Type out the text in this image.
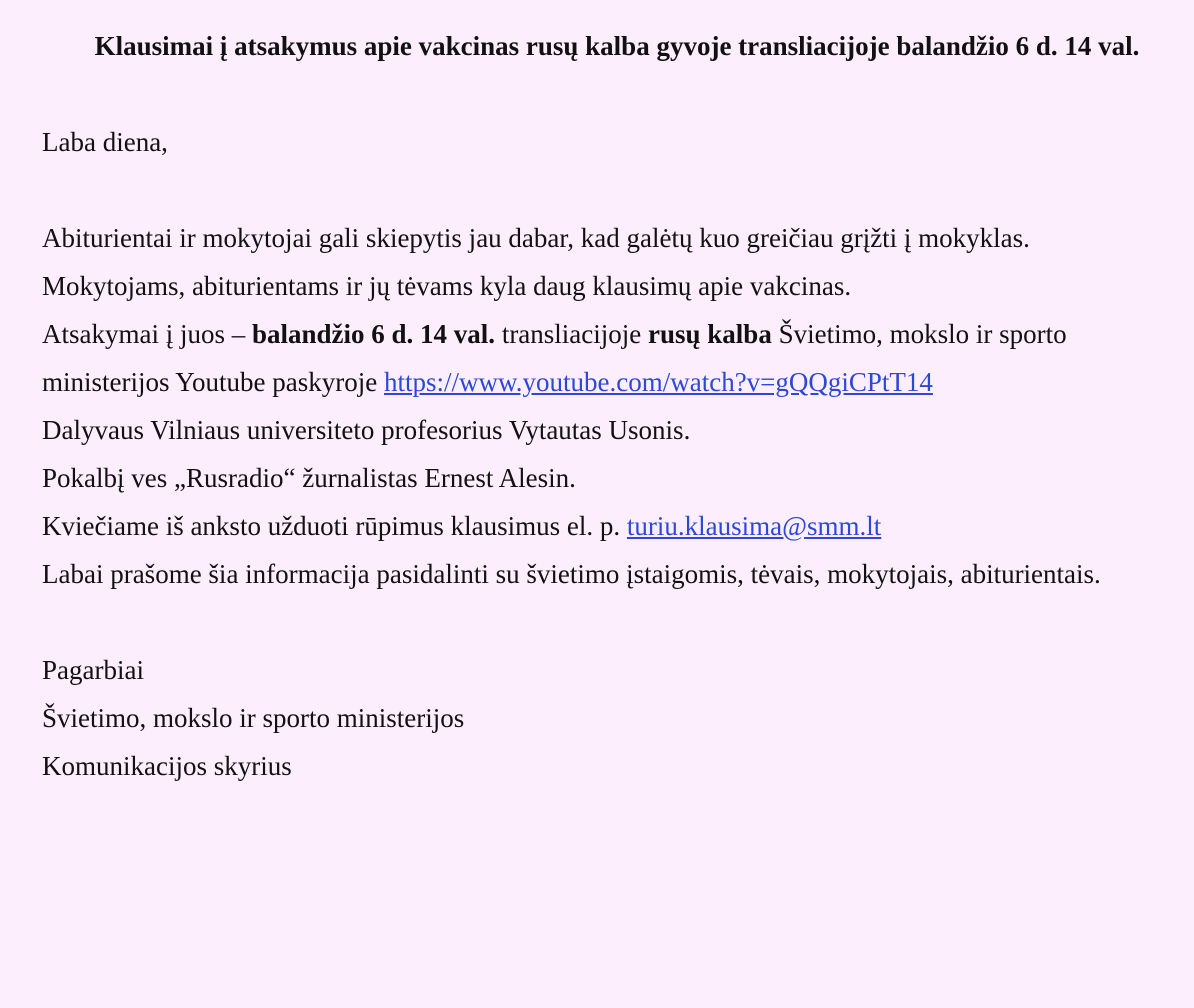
Klausimai į atsakymus apie vakcinas rusų kalba gyvoje transliacijoje balandžio 6 d. 14 val.

Laba diena,

Abiturientai ir mokytojai gali skiepytis jau dabar, kad galėtų kuo greičiau grįžti į mokyklas.

Mokytojams, abiturientams ir jų tėvams kyla daug klausimų apie vakcinas.

Atsakymai į juos – balandžio 6 d. 14 val. transliacijoje rusų kalba Švietimo, mokslo ir sporto ministerijos Youtube paskyroje https://www.youtube.com/watch?v=gQQgiCPtT14

Dalyvaus Vilniaus universiteto profesorius Vytautas Usonis.

Pokalbį ves „Rusradio“ žurnalistas Ernest Alesin.

Kviečiame iš anksto užduoti rūpimus klausimus el. p. turiu.klausima@smm.lt

Labai prašome šia informacija pasidalinti su švietimo įstaigomis, tėvais, mokytojais, abiturientais.

Pagarbiai

Švietimo, mokslo ir sporto ministerijos

Komunikacijos skyrius
